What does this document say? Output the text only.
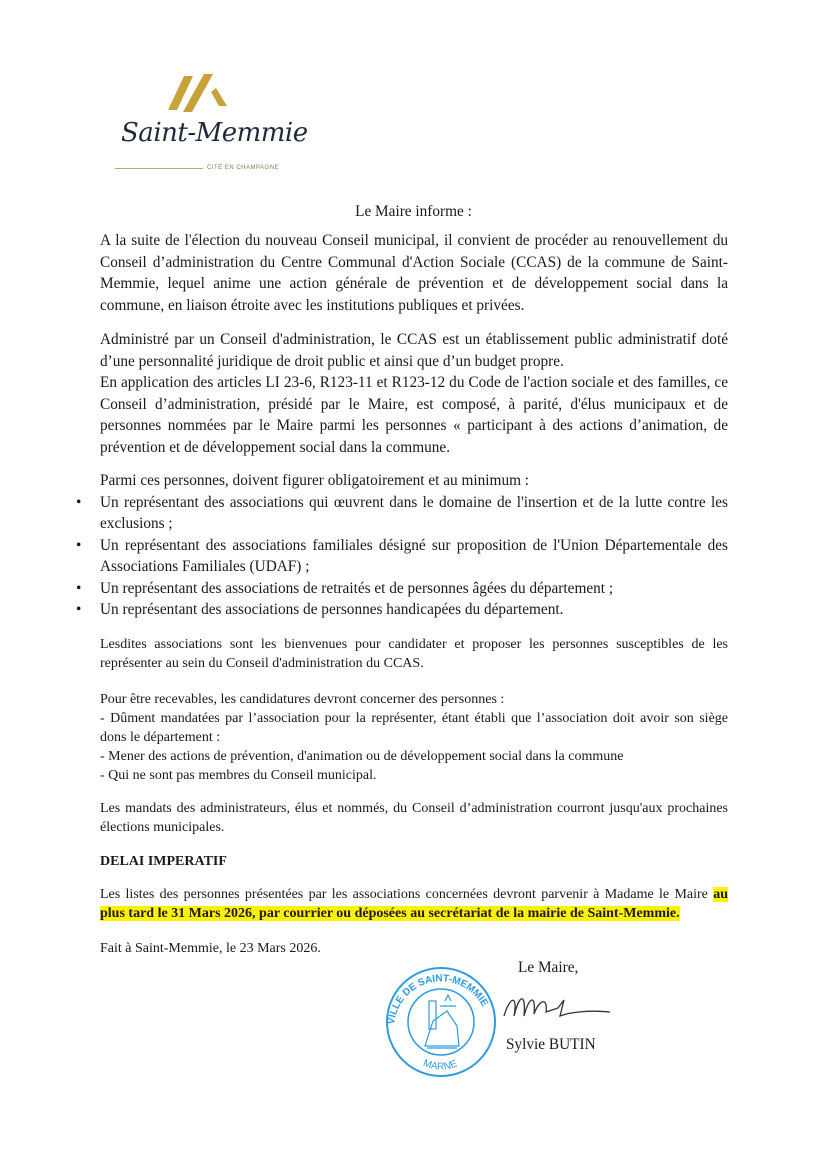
Saint-Memmie
CITÉ EN CHAMPAGNE
Le Maire informe :

A la suite de l'élection du nouveau Conseil municipal, il convient de procéder au renouvellement du Conseil d’administration du Centre Communal d'Action Sociale (CCAS) de la commune de Saint-Memmie, lequel anime une action générale de prévention et de développement social dans la commune, en liaison étroite avec les institutions publiques et privées.

Administré par un Conseil d'administration, le CCAS est un établissement public administratif doté d’une personnalité juridique de droit public et ainsi que d’un budget propre.

En application des articles LI 23-6, R123-11 et R123-12 du Code de l'action sociale et des familles, ce Conseil d’administration, présidé par le Maire, est composé, à parité, d'élus municipaux et de personnes nommées par le Maire parmi les personnes « participant à des actions d’animation, de prévention et de développement social dans la commune.

Parmi ces personnes, doivent figurer obligatoirement et au minimum :

• Un représentant des associations qui œuvrent dans le domaine de l'insertion et de la lutte contre les exclusions ;
• Un représentant des associations familiales désigné sur proposition de l'Union Départementale des Associations Familiales (UDAF) ;
• Un représentant des associations de retraités et de personnes âgées du département ;
• Un représentant des associations de personnes handicapées du département.

Lesdites associations sont les bienvenues pour candidater et proposer les personnes susceptibles de les représenter au sein du Conseil d'administration du CCAS.

Pour être recevables, les candidatures devront concerner des personnes :

- Dûment mandatées par l’association pour la représenter, étant établi que l’association doit avoir son siège dons le département :

- Mener des actions de prévention, d'animation ou de développement social dans la commune

- Qui ne sont pas membres du Conseil municipal.

Les mandats des administrateurs, élus et nommés, du Conseil d’administration courront jusqu'aux prochaines élections municipales.

DELAI IMPERATIF

Les listes des personnes présentées par les associations concernées devront parvenir à Madame le Maire au plus tard le 31 Mars 2026, par courrier ou déposées au secrétariat de la mairie de Saint-Memmie.

Fait à Saint-Memmie, le 23 Mars 2026.
VILLE DE SAINT-MEMMIE
MARNE
Le Maire,
Sylvie BUTIN
